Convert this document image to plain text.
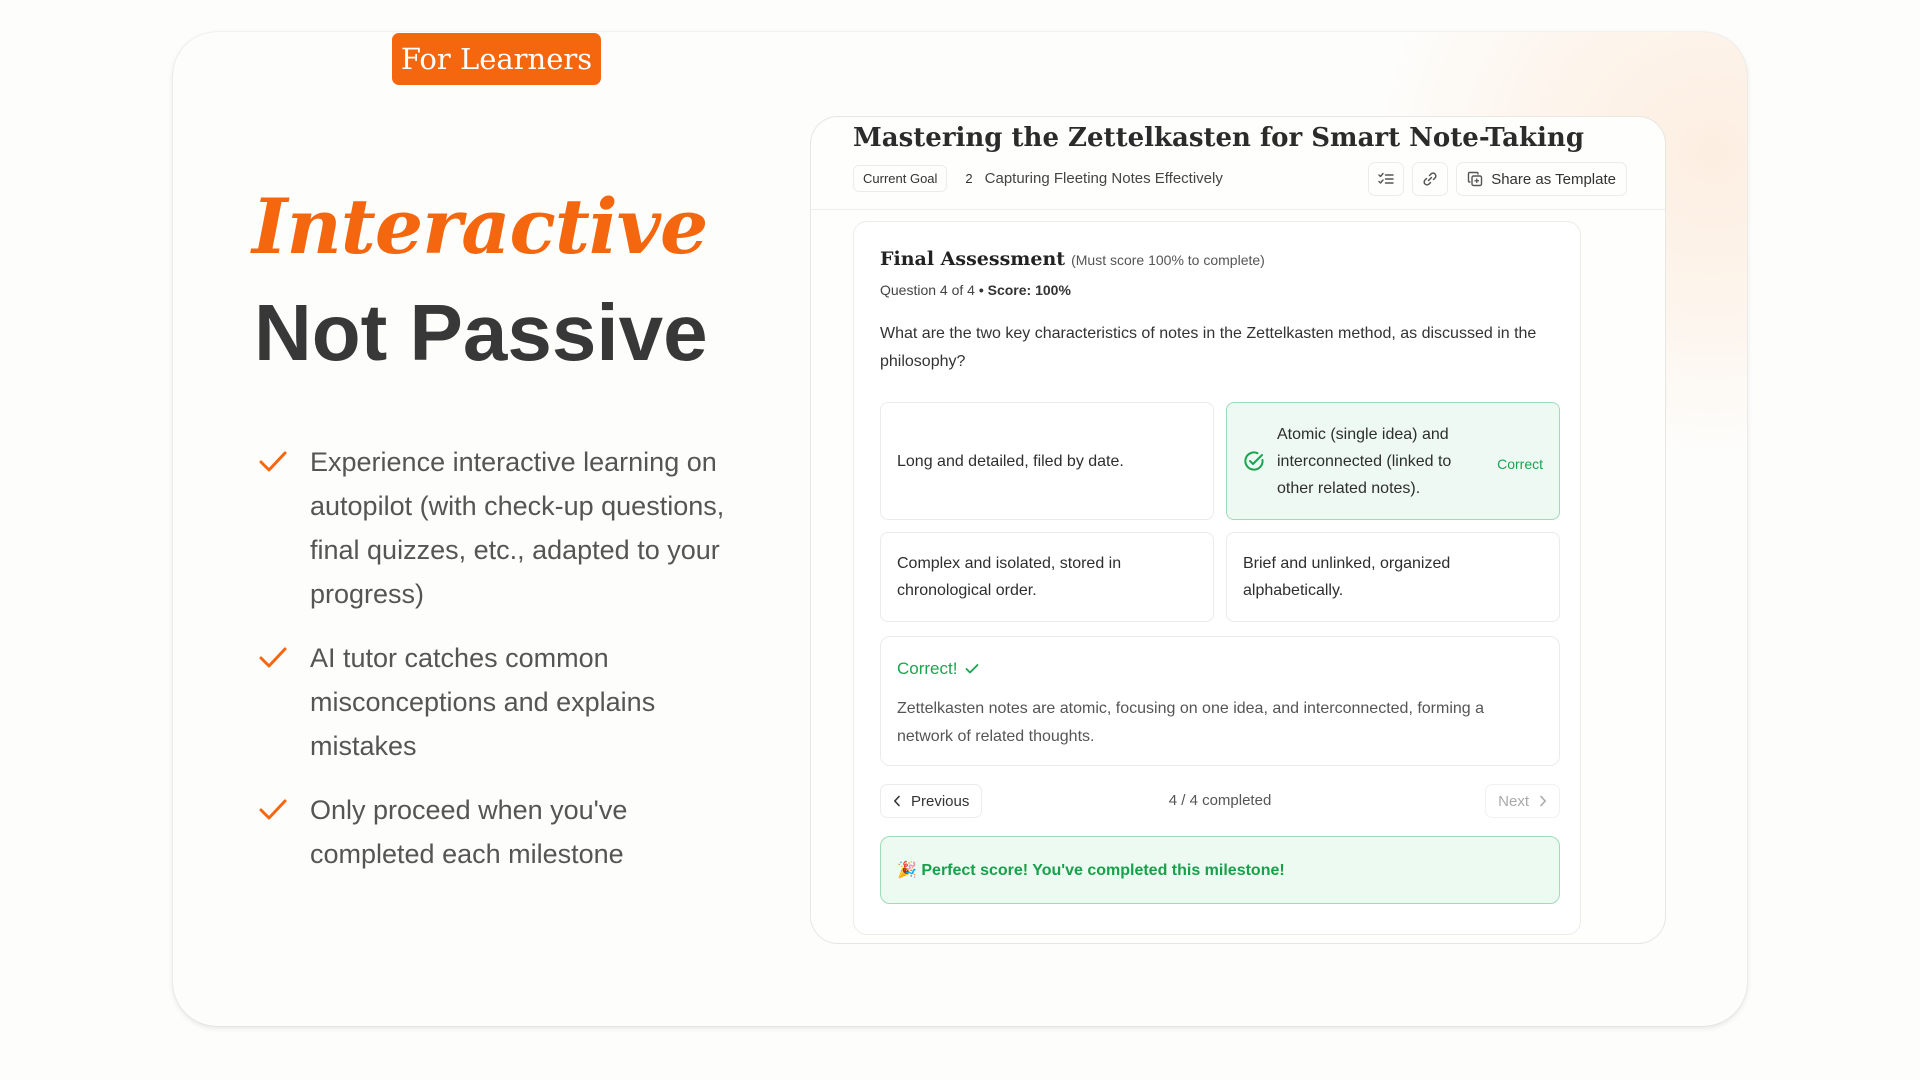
For Learners
Interactive
Not Passive
Experience interactive learning on autopilot (with check-up questions, final quizzes, etc., adapted to your progress)
AI tutor catches common misconceptions and explains mistakes
Only proceed when you've completed each milestone
Mastering the Zettelkasten for Smart Note-Taking
Current Goal	2 Capturing Fleeting Notes Effectively	Share as Template
Final Assessment (Must score 100% to complete)
Question 4 of 4 • Score: 100%
What are the two key characteristics of notes in the Zettelkasten method, as discussed in the philosophy?
Long and detailed, filed by date.
Atomic (single idea) and interconnected (linked to other related notes).
Correct
Complex and isolated, stored in chronological order.
Brief and unlinked, organized alphabetically.
Correct!
Zettelkasten notes are atomic, focusing on one idea, and interconnected, forming a network of related thoughts.
Previous	4 / 4 completed	Next
🎉 Perfect score! You've completed this milestone!
